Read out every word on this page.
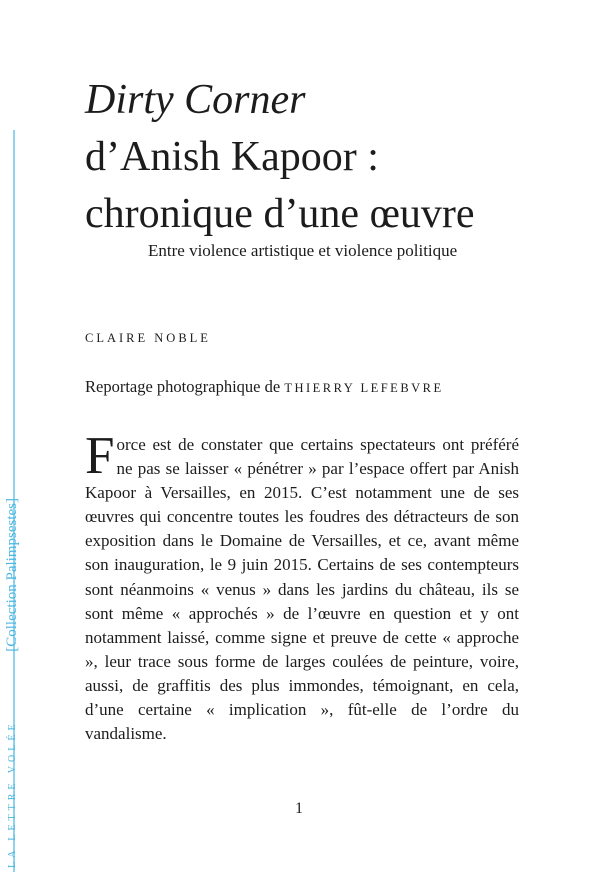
LA LETTRE VOLÉE
[Collection Palimpsestes]
Dirty Corner
d’Anish Kapoor :
chronique d’une œuvre
Entre violence artistique et violence politique
CLAIRE NOBLE
Reportage photographique de THIERRY LEFEBVRE

Force est de constater que certains spectateurs ont préféré ne pas se laisser « pénétrer » par l’espace offert par Anish Kapoor à Versailles, en 2015. C’est notamment une de ses œuvres qui concentre toutes les foudres des détracteurs de son exposition dans le Domaine de Versailles, et ce, avant même son inauguration, le 9 juin 2015. Certains de ses contempteurs sont néanmoins « venus » dans les jardins du château, ils se sont même « approchés » de l’œuvre en question et y ont notamment laissé, comme signe et preuve de cette « approche », leur trace sous forme de larges coulées de peinture, voire, aussi, de graffitis des plus immondes, témoignant, en cela, d’une certaine « implication », fût-elle de l’ordre du vandalisme.

1
